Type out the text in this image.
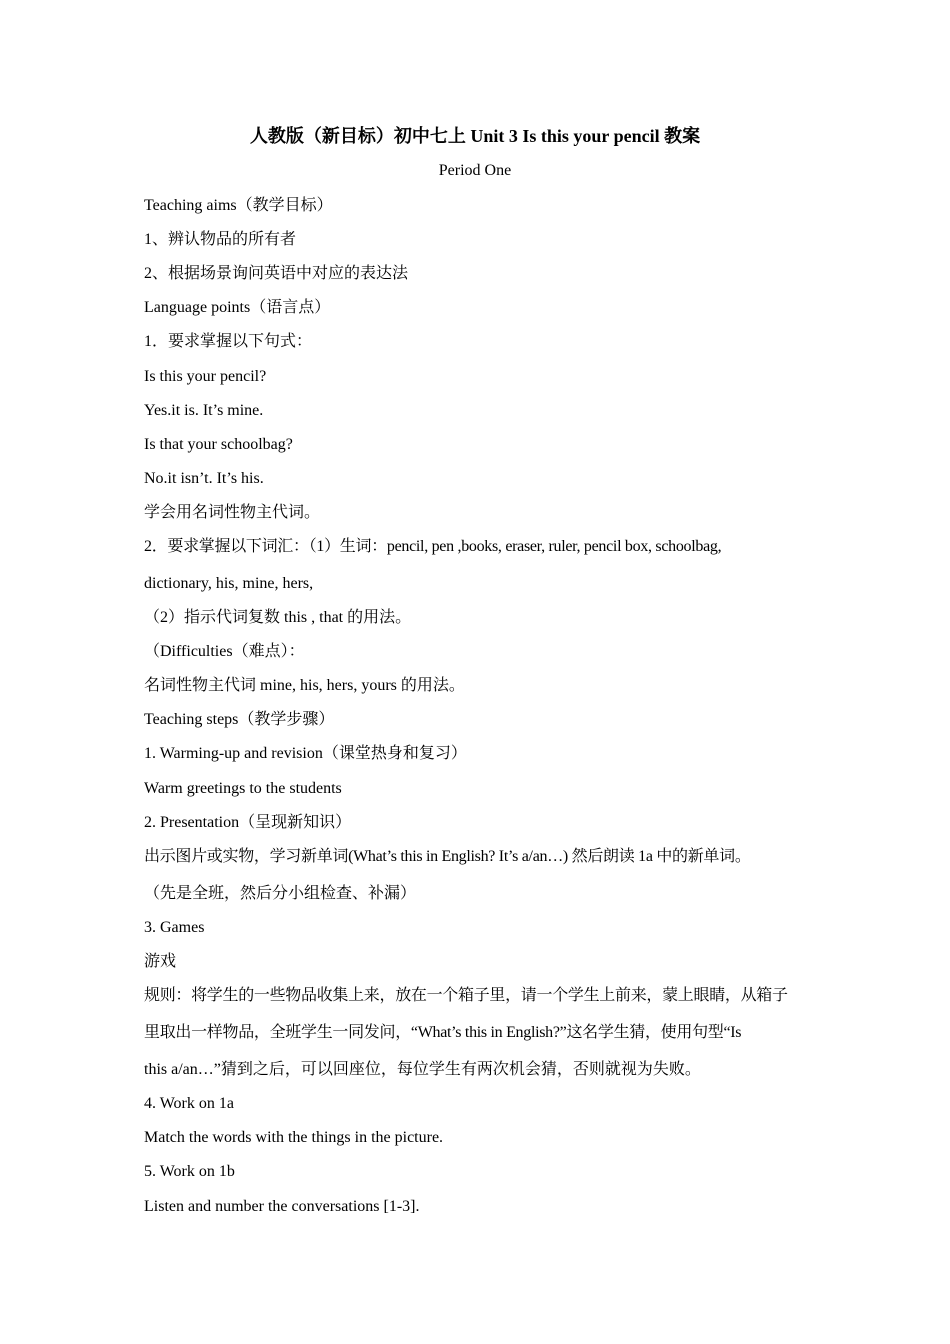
人教版（新目标）初中七上 Unit 3 Is this your pencil 教案
Period One
Teaching aims（教学目标）
1、辨认物品的所有者
2、根据场景询问英语中对应的表达法
Language points（语言点）
1．要求掌握以下句式：
Is this your pencil?
Yes.it is. It’s mine.
Is that your schoolbag?
No.it isn’t. It’s his.
学会用名词性物主代词。
2．要求掌握以下词汇：（1）生词：pencil, pen ,books, eraser, ruler, pencil box, schoolbag,
dictionary, his, mine, hers,
（2）指示代词复数 this , that 的用法。
（Difficulties（难点）：
名词性物主代词 mine, his, hers, yours 的用法。
Teaching steps（教学步骤）
1. Warming-up and revision（课堂热身和复习）
Warm greetings to the students
2. Presentation（呈现新知识）
出示图片或实物，学习新单词(What’s this in English? It’s a/an…) 然后朗读 1a 中的新单词。
（先是全班，然后分小组检查、补漏）
3. Games
游戏
规则：将学生的一些物品收集上来，放在一个箱子里，请一个学生上前来，蒙上眼睛，从箱子
里取出一样物品，全班学生一同发问，“What’s this in English?”这名学生猜，使用句型“Is
this a/an…”猜到之后，可以回座位，每位学生有两次机会猜，否则就视为失败。
4. Work on 1a
Match the words with the things in the picture.
5. Work on 1b
Listen and number the conversations [1-3].
